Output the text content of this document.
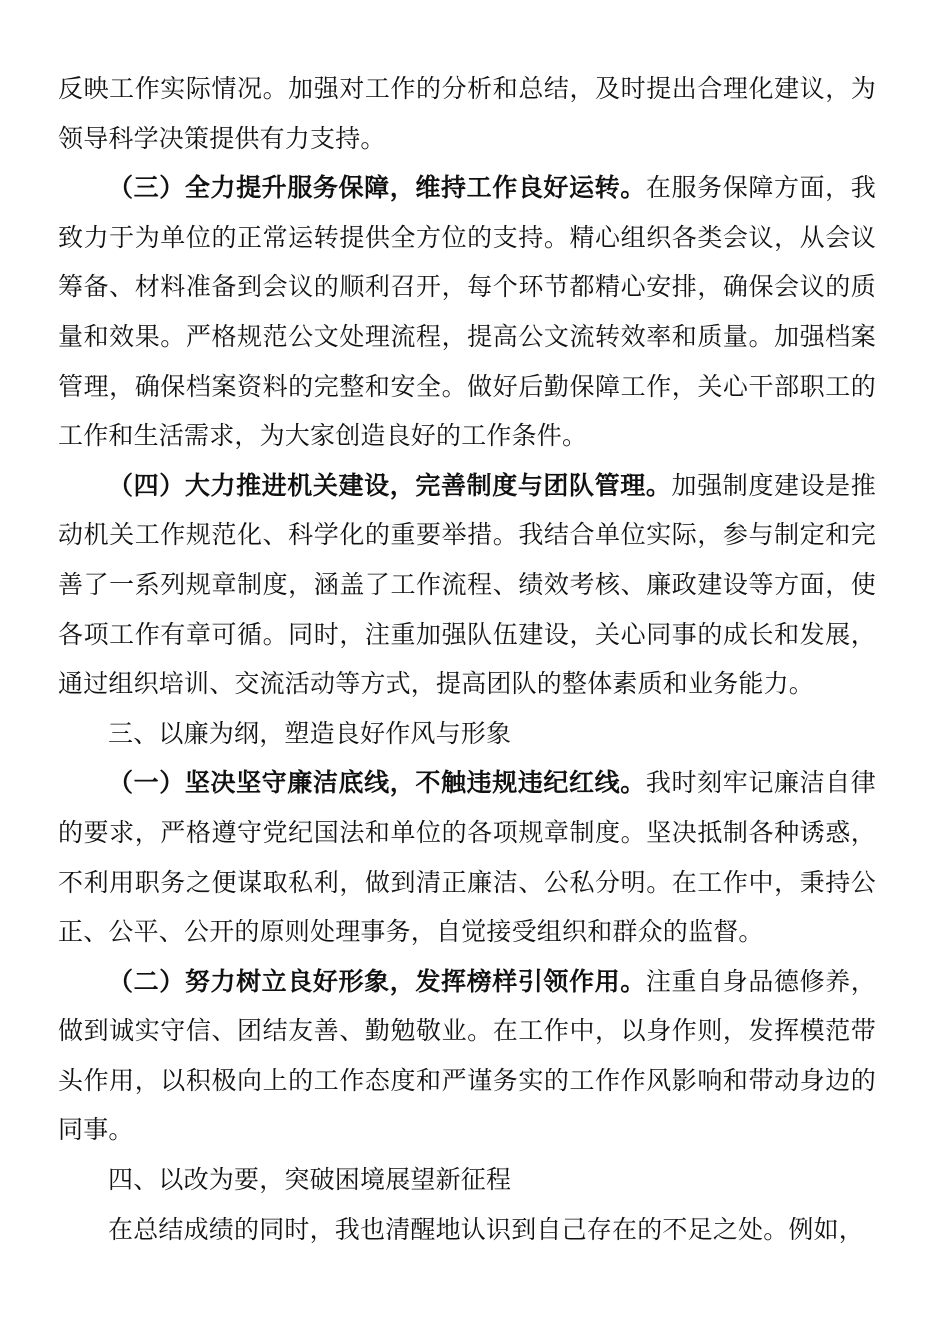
反映工作实际情况。加强对工作的分析和总结，及时提出合理化建议，为领导科学决策提供有力支持。

（三）全力提升服务保障，维持工作良好运转。在服务保障方面，我致力于为单位的正常运转提供全方位的支持。精心组织各类会议，从会议筹备、材料准备到会议的顺利召开，每个环节都精心安排，确保会议的质量和效果。严格规范公文处理流程，提高公文流转效率和质量。加强档案管理，确保档案资料的完整和安全。做好后勤保障工作，关心干部职工的工作和生活需求，为大家创造良好的工作条件。

（四）大力推进机关建设，完善制度与团队管理。加强制度建设是推动机关工作规范化、科学化的重要举措。我结合单位实际，参与制定和完善了一系列规章制度，涵盖了工作流程、绩效考核、廉政建设等方面，使各项工作有章可循。同时，注重加强队伍建设，关心同事的成长和发展，通过组织培训、交流活动等方式，提高团队的整体素质和业务能力。

三、以廉为纲，塑造良好作风与形象

（一）坚决坚守廉洁底线，不触违规违纪红线。我时刻牢记廉洁自律的要求，严格遵守党纪国法和单位的各项规章制度。坚决抵制各种诱惑，不利用职务之便谋取私利，做到清正廉洁、公私分明。在工作中，秉持公正、公平、公开的原则处理事务，自觉接受组织和群众的监督。

（二）努力树立良好形象，发挥榜样引领作用。注重自身品德修养，做到诚实守信、团结友善、勤勉敬业。在工作中，以身作则，发挥模范带头作用，以积极向上的工作态度和严谨务实的工作作风影响和带动身边的同事。

四、以改为要，突破困境展望新征程

在总结成绩的同时，我也清醒地认识到自己存在的不足之处。例如，
